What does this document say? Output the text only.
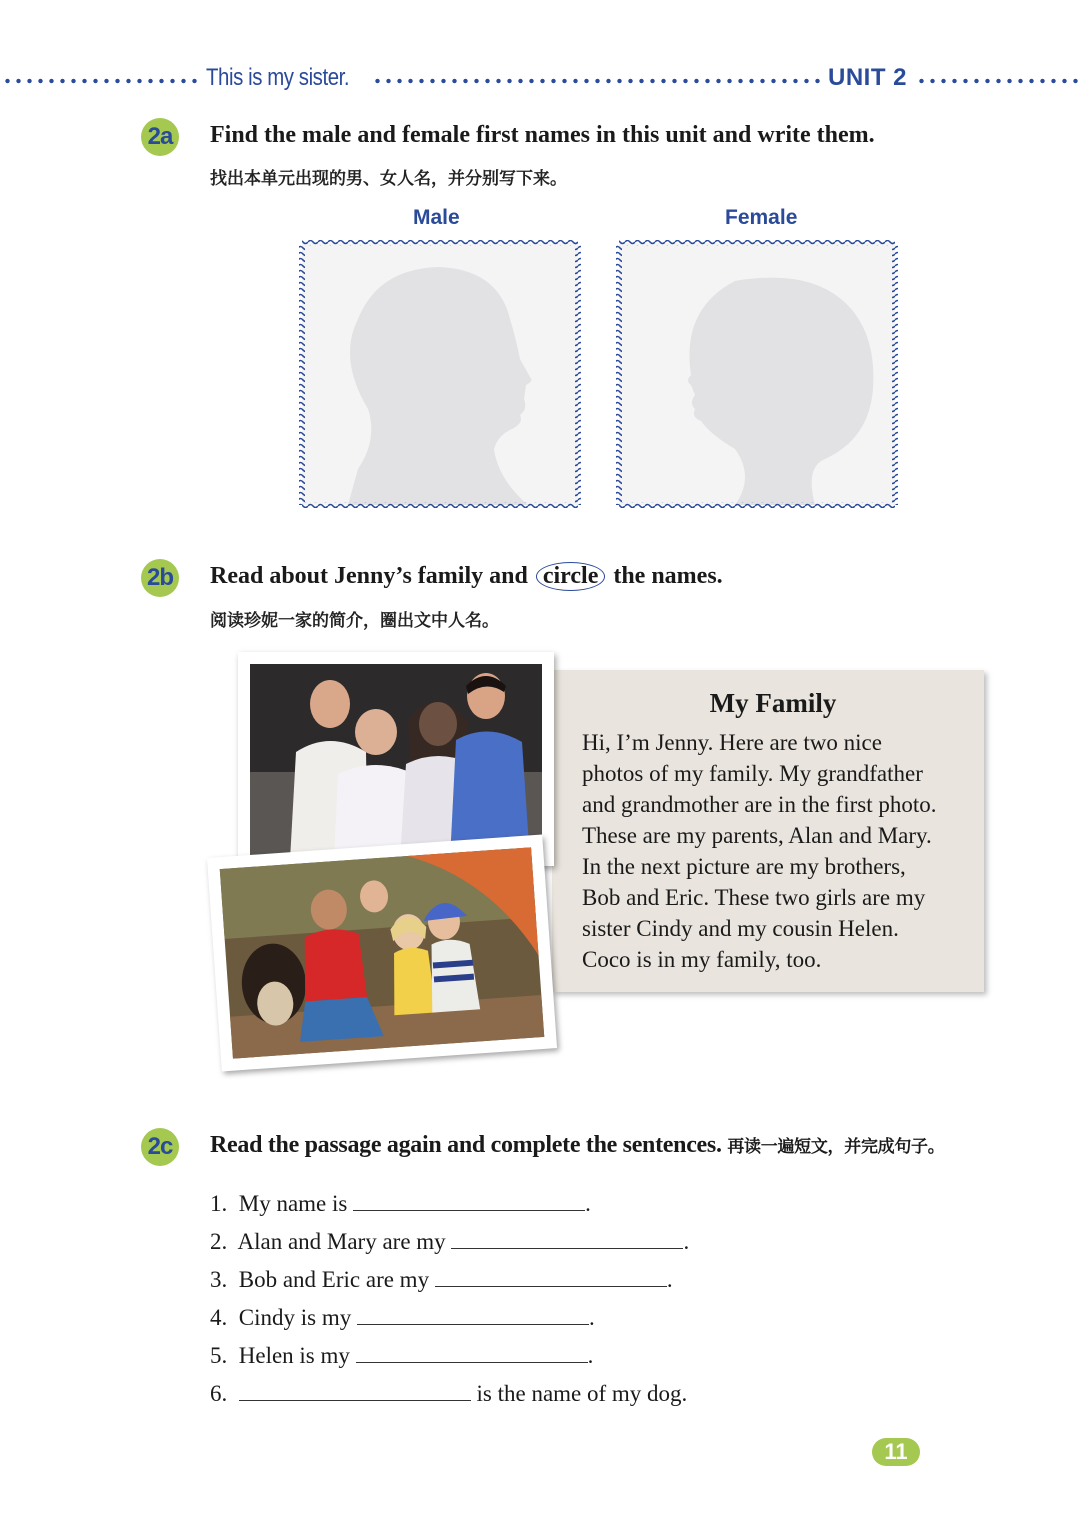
This is my sister.	UNIT 2
2a Find the male and female first names in this unit and write them.
找出本单元出现的男、女人名，并分别写下来。
Male	Female
2b Read about Jenny’s family and circle the names.
阅读珍妮一家的简介，圈出文中人名。
My Family
Hi, I’m Jenny. Here are two nice
photos of my family. My grandfather
and grandmother are in the first photo.
These are my parents, Alan and Mary.
In the next picture are my brothers,
Bob and Eric. These two girls are my
sister Cindy and my cousin Helen.
Coco is in my family, too.
2c Read the passage again and complete the sentences. 再读一遍短文，并完成句子。
1. My name is	.
2. Alan and Mary are my	.
3. Bob and Eric are my	.
4. Cindy is my	.
5. Helen is my	.
6.	is the name of my dog.
11
